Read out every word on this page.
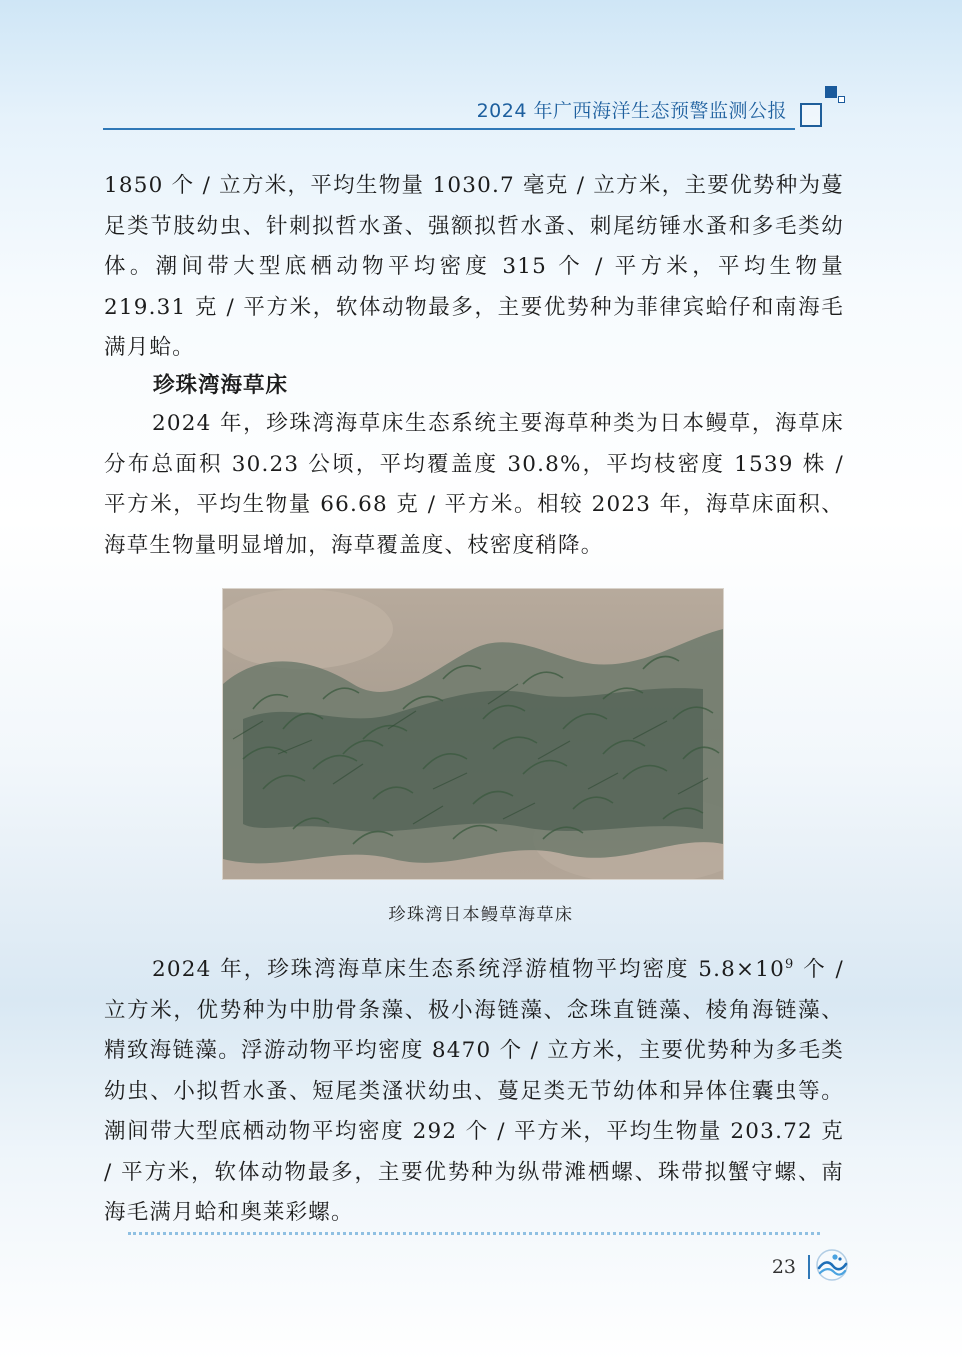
2024 年广西海洋生态预警监测公报
1850 个 / 立方米，平均生物量 1030.7 毫克 / 立方米，主要优势种为蔓足类节肢幼虫、针刺拟哲水蚤、强额拟哲水蚤、刺尾纺锤水蚤和多毛类幼体。潮间带大型底栖动物平均密度 315 个 / 平方米，平均生物量 219.31 克 / 平方米，软体动物最多，主要优势种为菲律宾蛤仔和南海毛满月蛤。
珍珠湾海草床
2024 年，珍珠湾海草床生态系统主要海草种类为日本鳗草，海草床分布总面积 30.23 公顷，平均覆盖度 30.8%，平均枝密度 1539 株 / 平方米，平均生物量 66.68 克 / 平方米。相较 2023 年，海草床面积、海草生物量明显增加，海草覆盖度、枝密度稍降。
珍珠湾日本鳗草海草床
2024 年，珍珠湾海草床生态系统浮游植物平均密度 $5.8\times 10^9$ 个 / 立方米，优势种为中肋骨条藻、极小海链藻、念珠直链藻、棱角海链藻、精致海链藻。浮游动物平均密度 8470 个 / 立方米，主要优势种为多毛类幼虫、小拟哲水蚤、短尾类溞状幼虫、蔓足类无节幼体和异体住囊虫等。潮间带大型底栖动物平均密度 292 个 / 平方米，平均生物量 203.72 克 / 平方米，软体动物最多，主要优势种为纵带滩栖螺、珠带拟蟹守螺、南海毛满月蛤和奥莱彩螺。
23
